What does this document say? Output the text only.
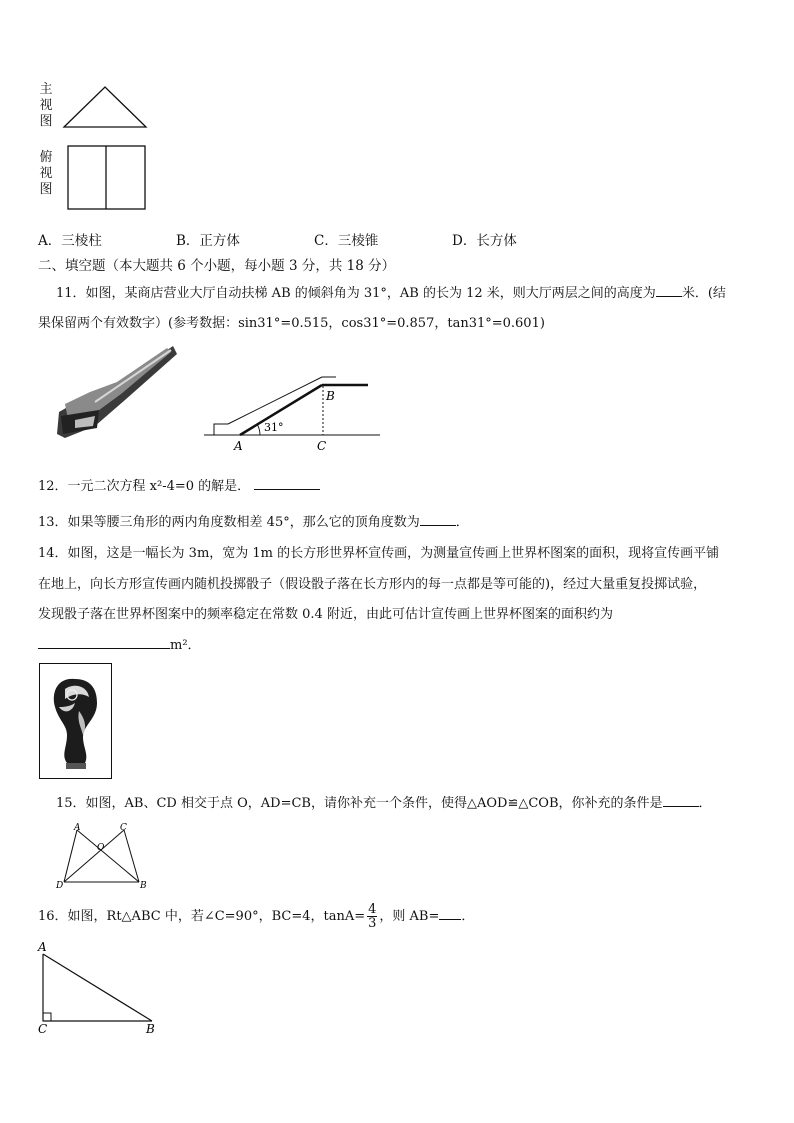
主视图
俯视图
A．三棱柱	B．正方体	C．三棱锥	D．长方体
二、填空题（本大题共 6 个小题，每小题 3 分，共 18 分）
11．如图，某商店营业大厅自动扶梯 AB 的倾斜角为 31°，AB 的长为 12 米，则大厅两层之间的高度为 米．(结
果保留两个有效数字）(参考数据：sin31°=0.515，cos31°=0.857，tan31°=0.601)
31°
A	C
B
12．一元二次方程 x²-4=0 的解是．
13．如果等腰三角形的两内角度数相差 45°，那么它的顶角度数为	．
14．如图，这是一幅长为 3m，宽为 1m 的长方形世界杯宣传画，为测量宣传画上世界杯图案的面积，现将宣传画平铺
在地上，向长方形宣传画内随机投掷骰子（假设骰子落在长方形内的每一点都是等可能的)，经过大量重复投掷试验，
发现骰子落在世界杯图案中的频率稳定在常数 0.4 附近，由此可估计宣传画上世界杯图案的面积约为
m²．
15．如图，AB、CD 相交于点 O，AD=CB，请你补充一个条件，使得△AOD≌△COB，你补充的条件是	．
A	C
O
D	B
16．如图，Rt△ABC 中，若∠C=90°，BC=4，$\tan A= \frac{4}{3}$ ，则 AB= ．
A
C	B
